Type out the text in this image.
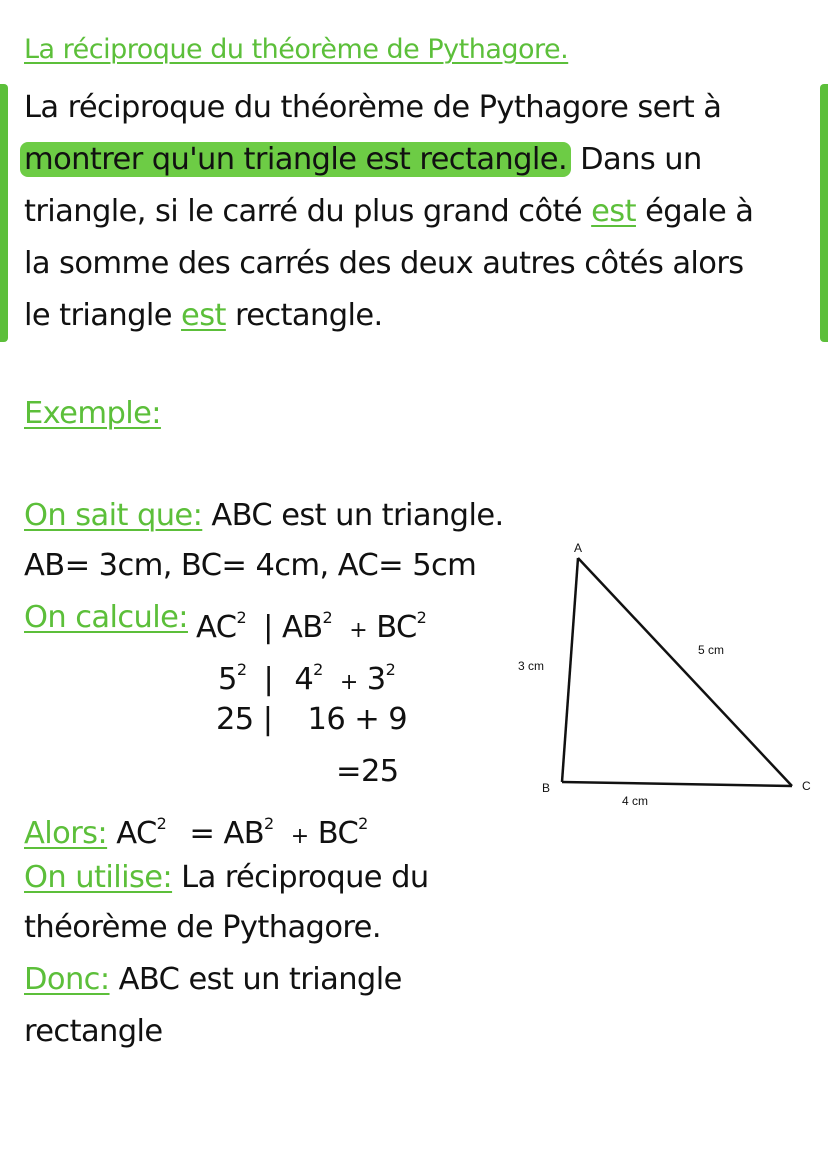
La réciproque du théorème de Pythagore.
La réciproque du théorème de Pythagore sert à
montrer qu'un triangle est rectangle. Dans un
triangle, si le carré du plus grand côté est égale à
la somme des carrés des deux autres côtés alors
le triangle est rectangle.
Exemple:
On sait que: ABC est un triangle.
AB= 3cm, BC= 4cm, AC= 5cm
On calcule: $AC^2$ | $AB^2 + BC^2$
$5^2$ | $4^2 + 3^2$
25 | 16 + 9
=25
Alors: $AC^2 = AB^2 + BC^2$
On utilise: La réciproque du
théorème de Pythagore.
Donc: ABC est un triangle
rectangle
A
B	C
3 cm
5 cm
4 cm
